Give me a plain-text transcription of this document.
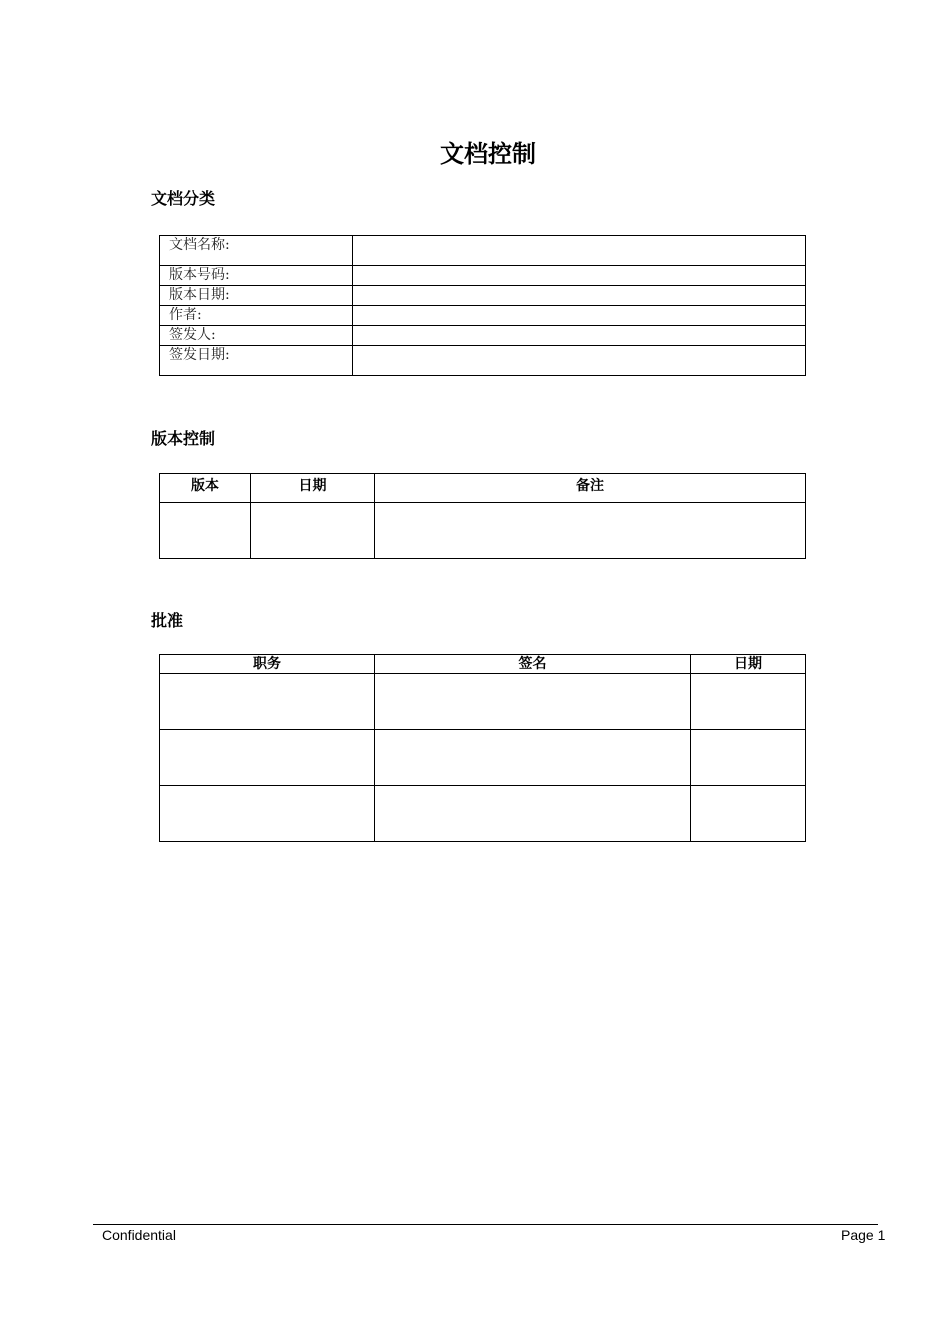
文档控制
文档分类
文档名称:	
版本号码:	
版本日期:	
作者:	
签发人:	
签发日期:	
版本控制
版本	日期	备注

批准
职务	签名	日期

Confidential	Page 1
